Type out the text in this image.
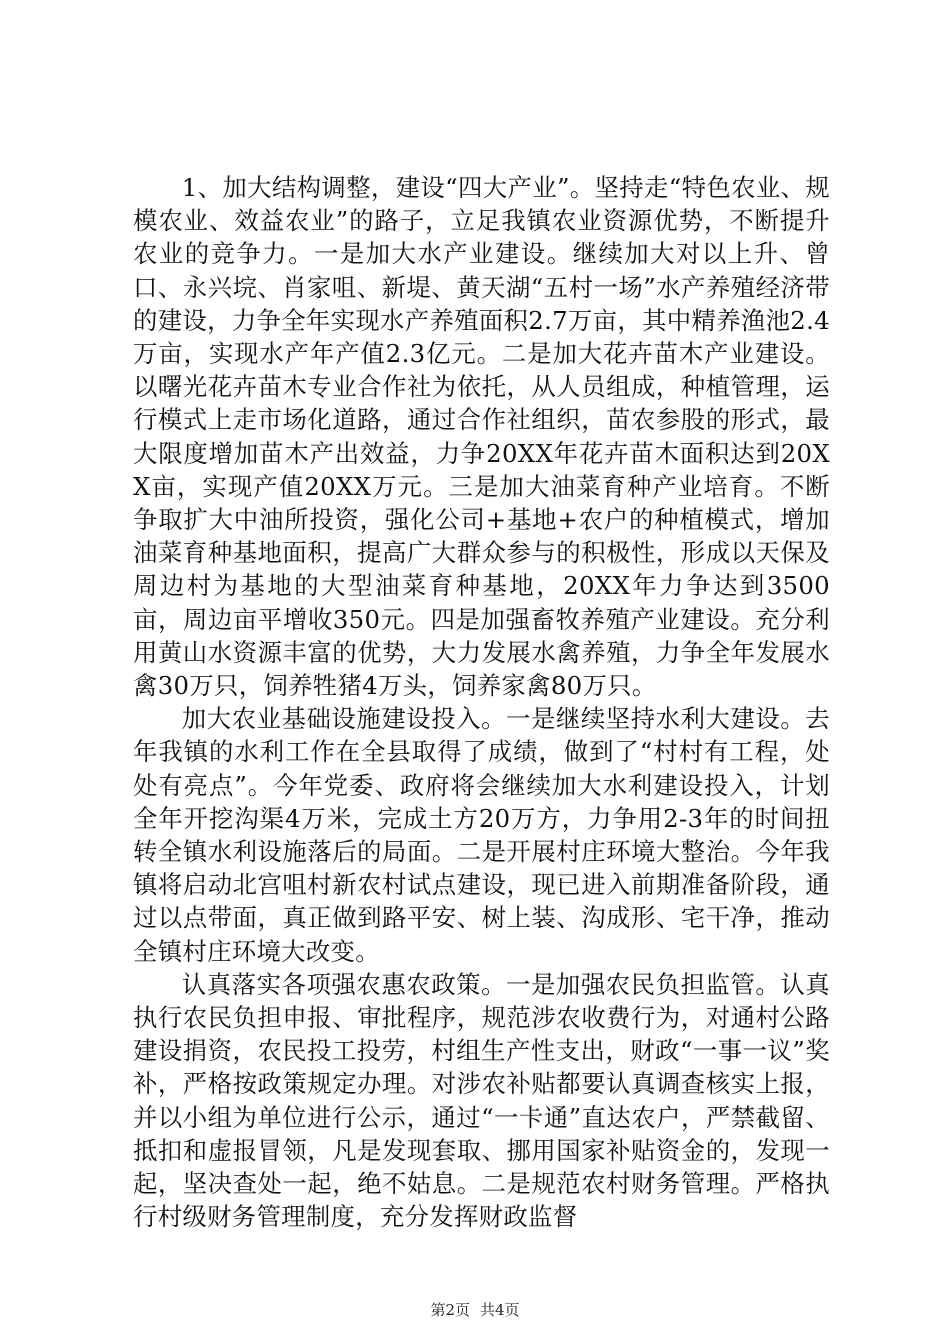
1、加大结构调整，建设“四大产业”。坚持走“特色农业、规模农业、效益农业”的路子，立足我镇农业资源优势，不断提升农业的竞争力。一是加大水产业建设。继续加大对以上升、曾口、永兴垸、肖家咀、新堤、黄天湖“五村一场”水产养殖经济带的建设，力争全年实现水产养殖面积2.7万亩，其中精养渔池2.4万亩，实现水产年产值2.3亿元。二是加大花卉苗木产业建设。以曙光花卉苗木专业合作社为依托，从人员组成，种植管理，运行模式上走市场化道路，通过合作社组织，苗农参股的形式，最大限度增加苗木产出效益，力争20XX年花卉苗木面积达到20XX亩，实现产值20XX万元。三是加大油菜育种产业培育。不断争取扩大中油所投资，强化公司+基地+农户的种植模式，增加油菜育种基地面积，提高广大群众参与的积极性，形成以天保及周边村为基地的大型油菜育种基地，20XX年力争达到3500亩，周边亩平增收350元。四是加强畜牧养殖产业建设。充分利用黄山水资源丰富的优势，大力发展水禽养殖，力争全年发展水禽30万只，饲养牲猪4万头，饲养家禽80万只。

加大农业基础设施建设投入。一是继续坚持水利大建设。去年我镇的水利工作在全县取得了成绩，做到了“村村有工程，处处有亮点”。今年党委、政府将会继续加大水利建设投入，计划全年开挖沟渠4万米，完成土方20万方，力争用2-3年的时间扭转全镇水利设施落后的局面。二是开展村庄环境大整治。今年我镇将启动北宫咀村新农村试点建设，现已进入前期准备阶段，通过以点带面，真正做到路平安、树上装、沟成形、宅干净，推动全镇村庄环境大改变。

认真落实各项强农惠农政策。一是加强农民负担监管。认真执行农民负担申报、审批程序，规范涉农收费行为，对通村公路建设捐资，农民投工投劳，村组生产性支出，财政“一事一议”奖补，严格按政策规定办理。对涉农补贴都要认真调查核实上报，并以小组为单位进行公示，通过“一卡通”直达农户，严禁截留、抵扣和虚报冒领，凡是发现套取、挪用国家补贴资金的，发现一起，坚决查处一起，绝不姑息。二是规范农村财务管理。严格执行村级财务管理制度，充分发挥财政监督

第2页 共4页
